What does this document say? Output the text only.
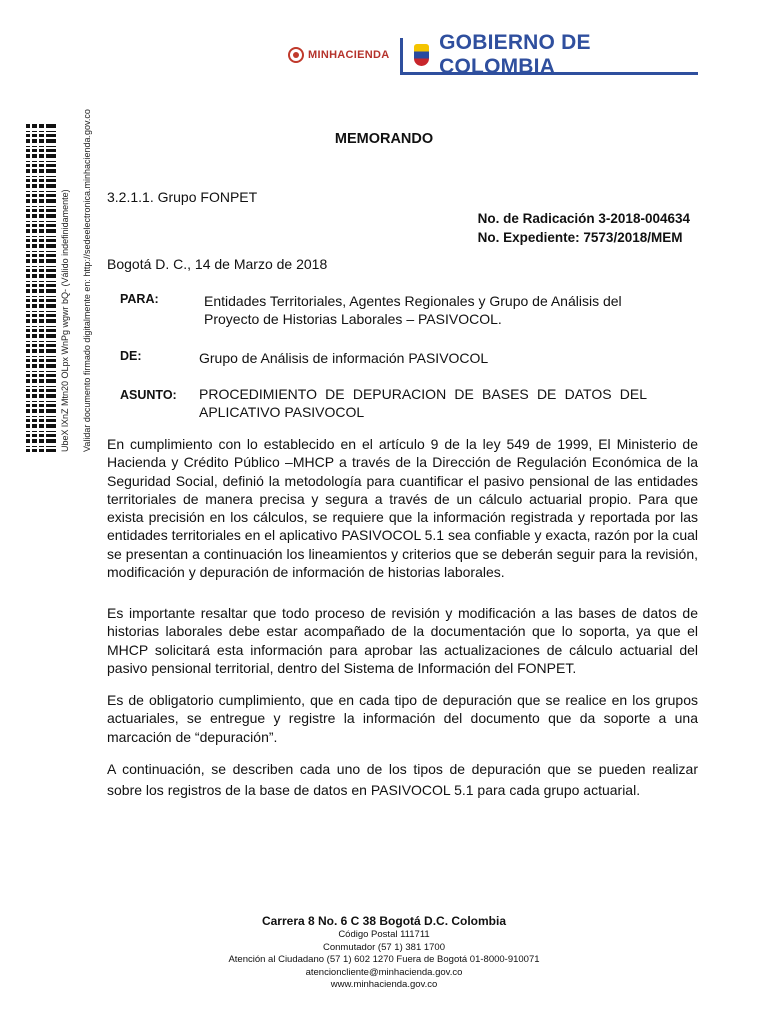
MINHACIENDA
GOBIERNO DE COLOMBIA
UbeX lXnZ Mtn20 OLpx WnPg wgwr bQ- (Válido indefinidamente) Validar documento firmado digitalmente en: http://sedeelectronica.minhacienda.gov.co	MEMORANDO
3.2.1.1. Grupo FONPET
No. de Radicación 3-2018-004634
No. Expediente: 7573/2018/MEM
Bogotá D. C., 14 de Marzo de 2018
PARA:	Entidades Territoriales, Agentes Regionales y Grupo de Análisis del Proyecto de Historias Laborales – PASIVOCOL.
DE:	Grupo de Análisis de información PASIVOCOL
ASUNTO: PROCEDIMIENTO DE DEPURACION DE BASES DE DATOS DEL
APLICATIVO PASIVOCOL

En cumplimiento con lo establecido en el artículo 9 de la ley 549 de 1999, El Ministerio de Hacienda y Crédito Público –MHCP a través de la Dirección de Regulación Económica de la Seguridad Social, definió la metodología para cuantificar el pasivo pensional de las entidades territoriales de manera precisa y segura a través de un cálculo actuarial propio. Para que exista precisión en los cálculos, se requiere que la información registrada y reportada por las entidades territoriales en el aplicativo PASIVOCOL 5.1 sea confiable y exacta, razón por la cual se presentan a continuación los lineamientos y criterios que se deberán seguir para la revisión, modificación y depuración de información de historias laborales.

Es importante resaltar que todo proceso de revisión y modificación a las bases de datos de historias laborales debe estar acompañado de la documentación que lo soporta, ya que el MHCP solicitará esta información para aprobar las actualizaciones de cálculo actuarial del pasivo pensional territorial, dentro del Sistema de Información del FONPET.

Es de obligatorio cumplimiento, que en cada tipo de depuración que se realice en los grupos actuariales, se entregue y registre la información del documento que da soporte a una marcación de “depuración”.

A continuación, se describen cada uno de los tipos de depuración que se pueden realizar sobre los registros de la base de datos en PASIVOCOL 5.1 para cada grupo actuarial.

Carrera 8 No. 6 C 38 Bogotá D.C. Colombia
Código Postal 111711
Conmutador (57 1) 381 1700
Atención al Ciudadano (57 1) 602 1270 Fuera de Bogotá 01-8000-910071
atencioncliente@minhacienda.gov.co
www.minhacienda.gov.co
